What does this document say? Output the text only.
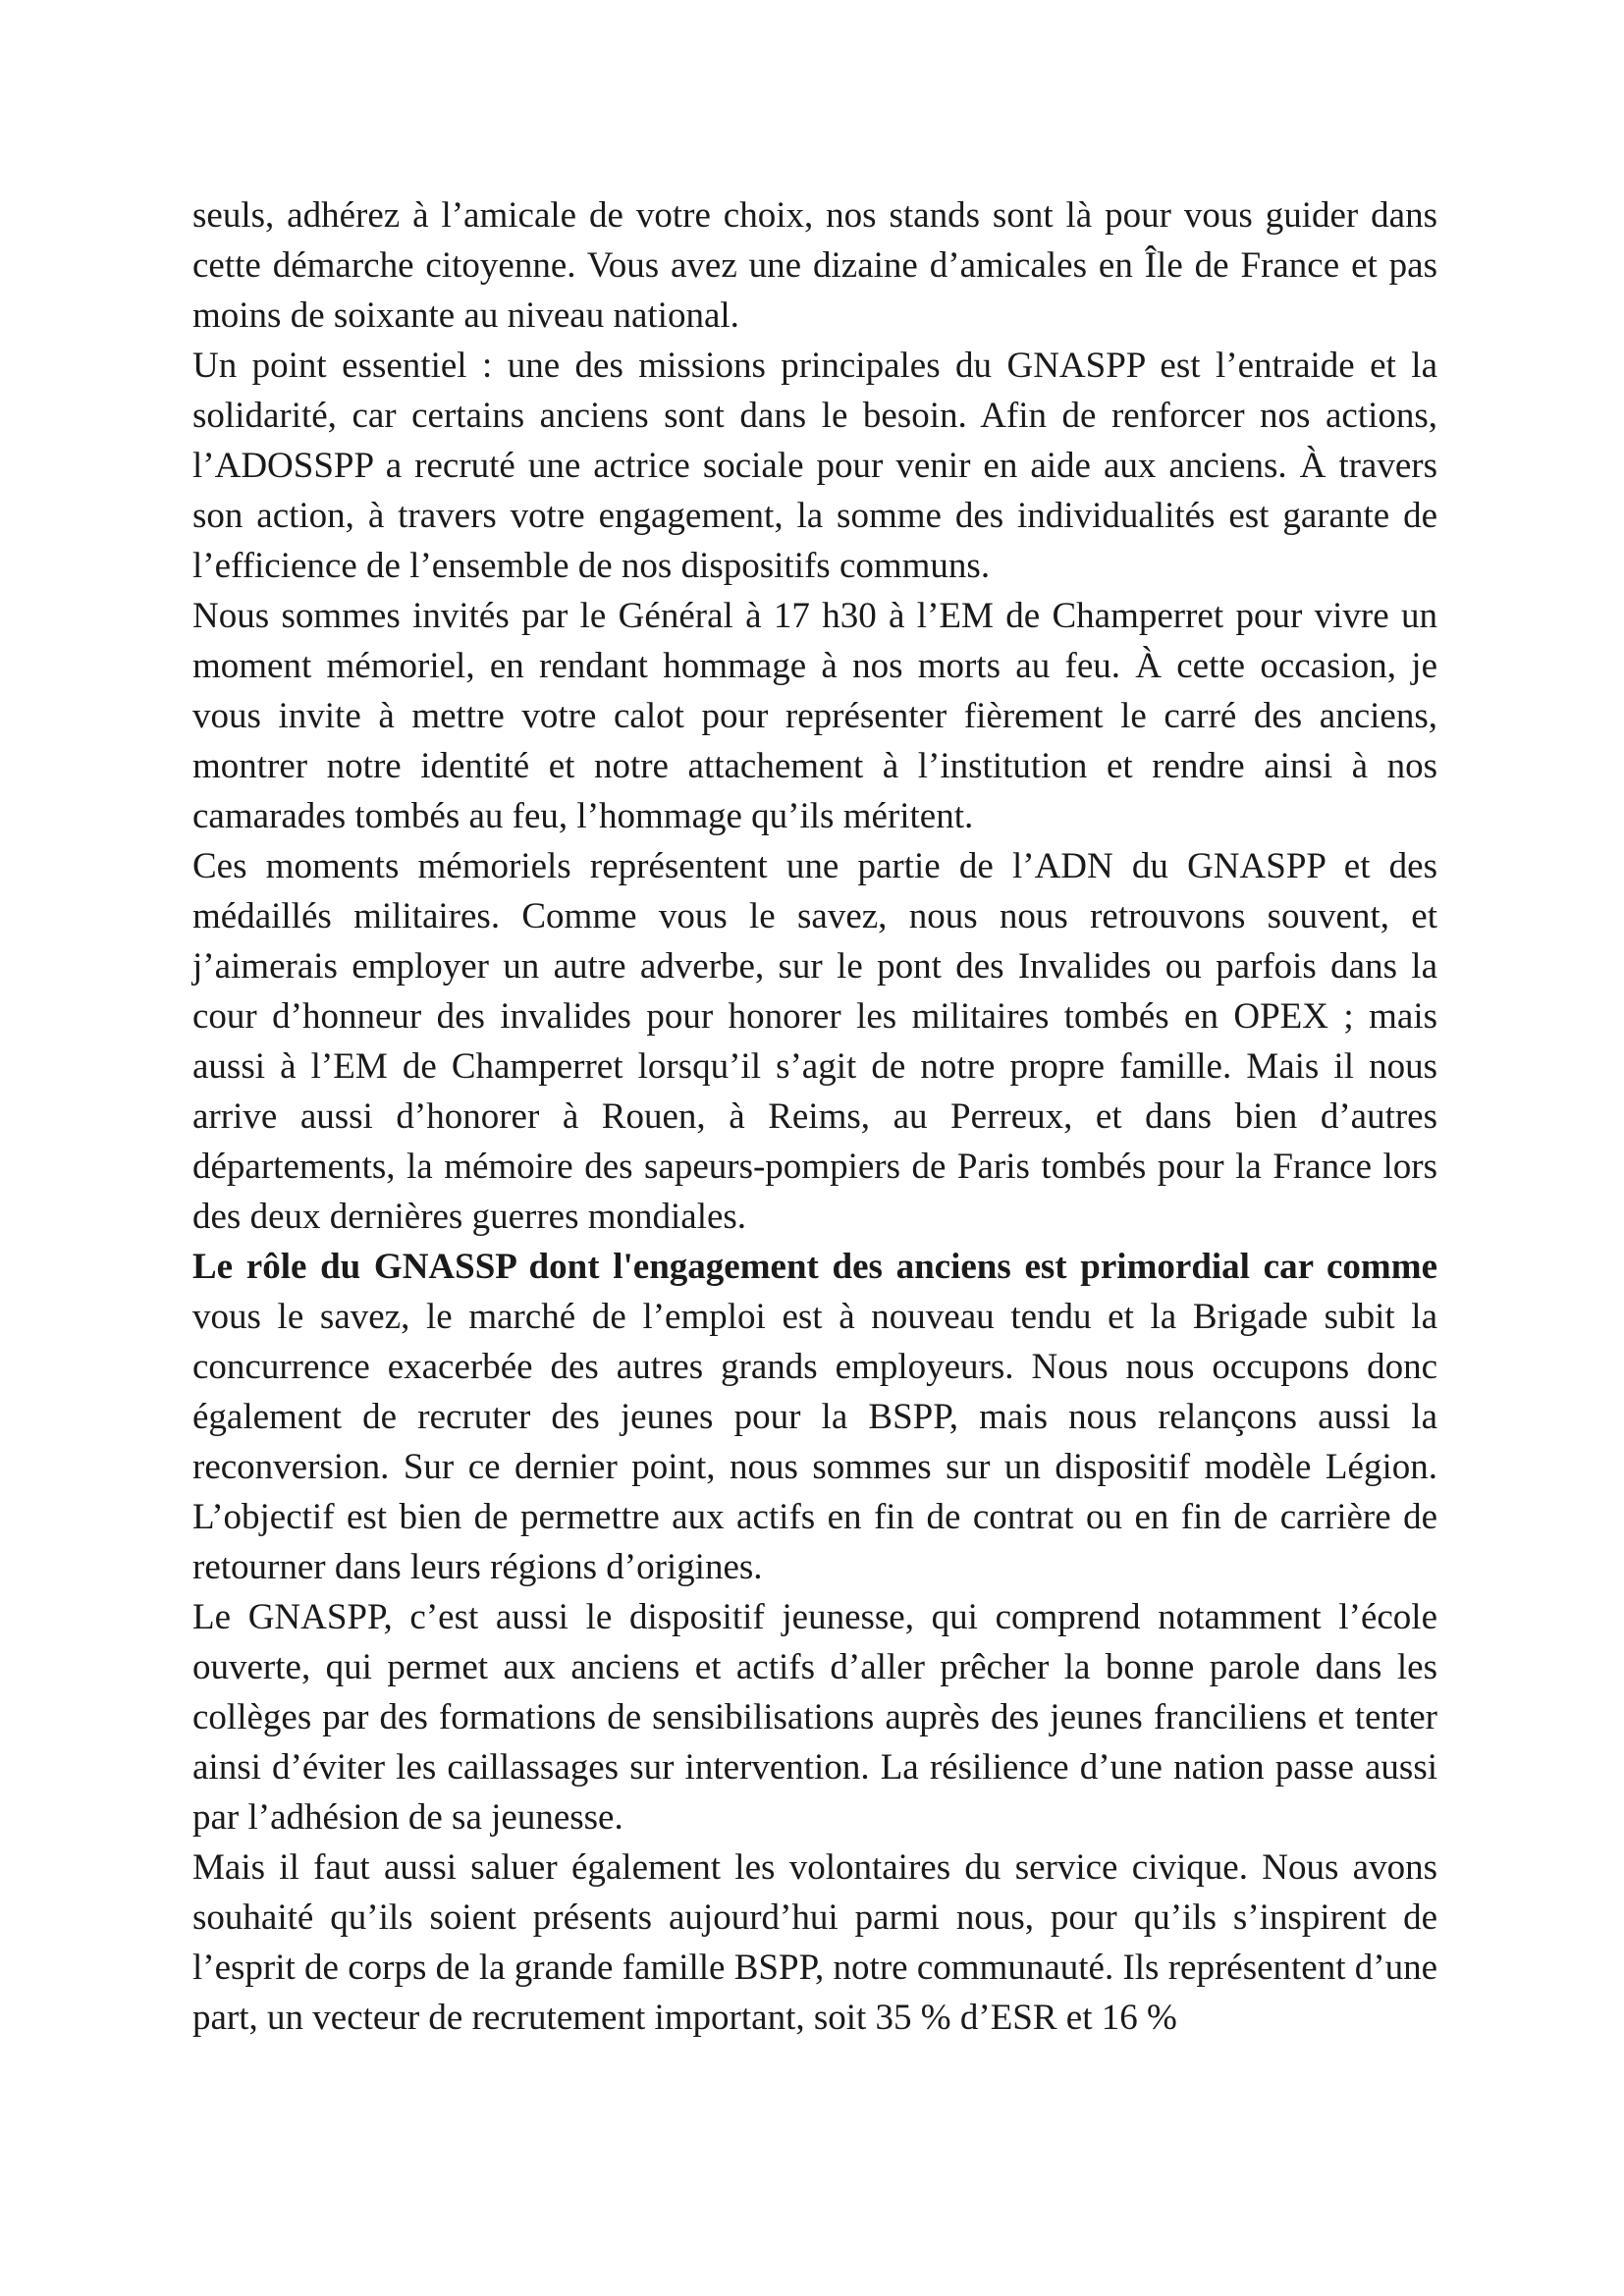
seuls, adhérez à l’amicale de votre choix, nos stands sont là pour vous guider dans cette démarche citoyenne. Vous avez une dizaine d’amicales en Île de France et pas moins de soixante au niveau national.

Un point essentiel : une des missions principales du GNASPP est l’entraide et la solidarité, car certains anciens sont dans le besoin. Afin de renforcer nos actions, l’ADOSSPP a recruté une actrice sociale pour venir en aide aux anciens. À travers son action, à travers votre engagement, la somme des individualités est garante de l’efficience de l’ensemble de nos dispositifs communs.

Nous sommes invités par le Général à 17 h30 à l’EM de Champerret pour vivre un moment mémoriel, en rendant hommage à nos morts au feu. À cette occasion, je vous invite à mettre votre calot pour représenter fièrement le carré des anciens, montrer notre identité et notre attachement à l’institution et rendre ainsi à nos camarades tombés au feu, l’hommage qu’ils méritent.

Ces moments mémoriels représentent une partie de l’ADN du GNASPP et des médaillés militaires. Comme vous le savez, nous nous retrouvons souvent, et j’aimerais employer un autre adverbe, sur le pont des Invalides ou parfois dans la cour d’honneur des invalides pour honorer les militaires tombés en OPEX ; mais aussi à l’EM de Champerret lorsqu’il s’agit de notre propre famille. Mais il nous arrive aussi d’honorer à Rouen, à Reims, au Perreux, et dans bien d’autres départements, la mémoire des sapeurs-pompiers de Paris tombés pour la France lors des deux dernières guerres mondiales.

Le rôle du GNASSP dont l'engagement des anciens est primordial car comme vous le savez, le marché de l’emploi est à nouveau tendu et la Brigade subit la concurrence exacerbée des autres grands employeurs. Nous nous occupons donc également de recruter des jeunes pour la BSPP, mais nous relançons aussi la reconversion. Sur ce dernier point, nous sommes sur un dispositif modèle Légion. L’objectif est bien de permettre aux actifs en fin de contrat ou en fin de carrière de retourner dans leurs régions d’origines.

Le GNASPP, c’est aussi le dispositif jeunesse, qui comprend notamment l’école ouverte, qui permet aux anciens et actifs d’aller prêcher la bonne parole dans les collèges par des formations de sensibilisations auprès des jeunes franciliens et tenter ainsi d’éviter les caillassages sur intervention. La résilience d’une nation passe aussi par l’adhésion de sa jeunesse.

Mais il faut aussi saluer également les volontaires du service civique. Nous avons souhaité qu’ils soient présents aujourd’hui parmi nous, pour qu’ils s’inspirent de l’esprit de corps de la grande famille BSPP, notre communauté. Ils représentent d’une part, un vecteur de recrutement important, soit 35 % d’ESR et 16 %
